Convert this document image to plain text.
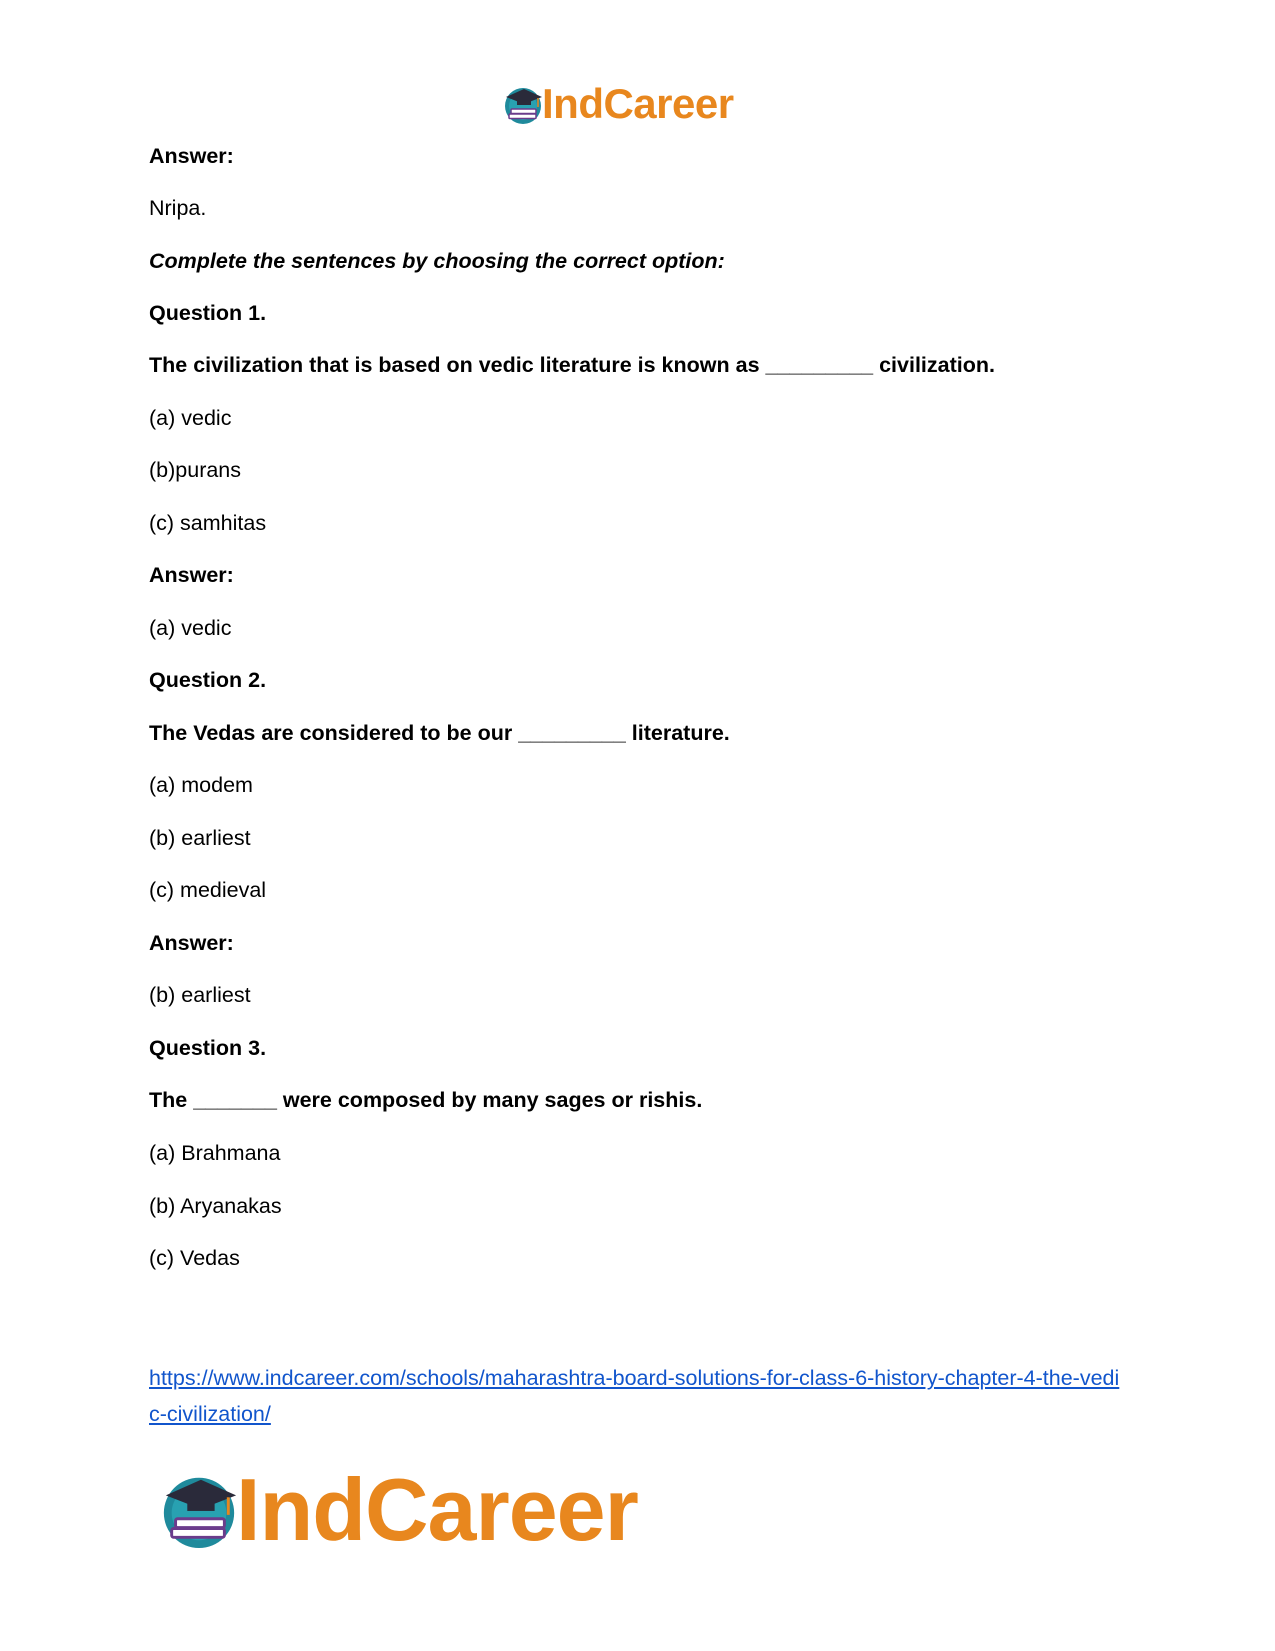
IndCareer
Answer:
Nripa.
Complete the sentences by choosing the correct option:
Question 1.
The civilization that is based on vedic literature is known as _________ civilization.
(a) vedic
(b)purans
(c) samhitas
Answer:
(a) vedic
Question 2.
The Vedas are considered to be our _________ literature.
(a) modem
(b) earliest
(c) medieval
Answer:
(b) earliest
Question 3.
The _______ were composed by many sages or rishis.
(a) Brahmana
(b) Aryanakas
(c) Vedas
https://www.indcareer.com/schools/maharashtra-board-solutions-for-class-6-history-chapter-4-the-vedic-civilization/
IndCareer
